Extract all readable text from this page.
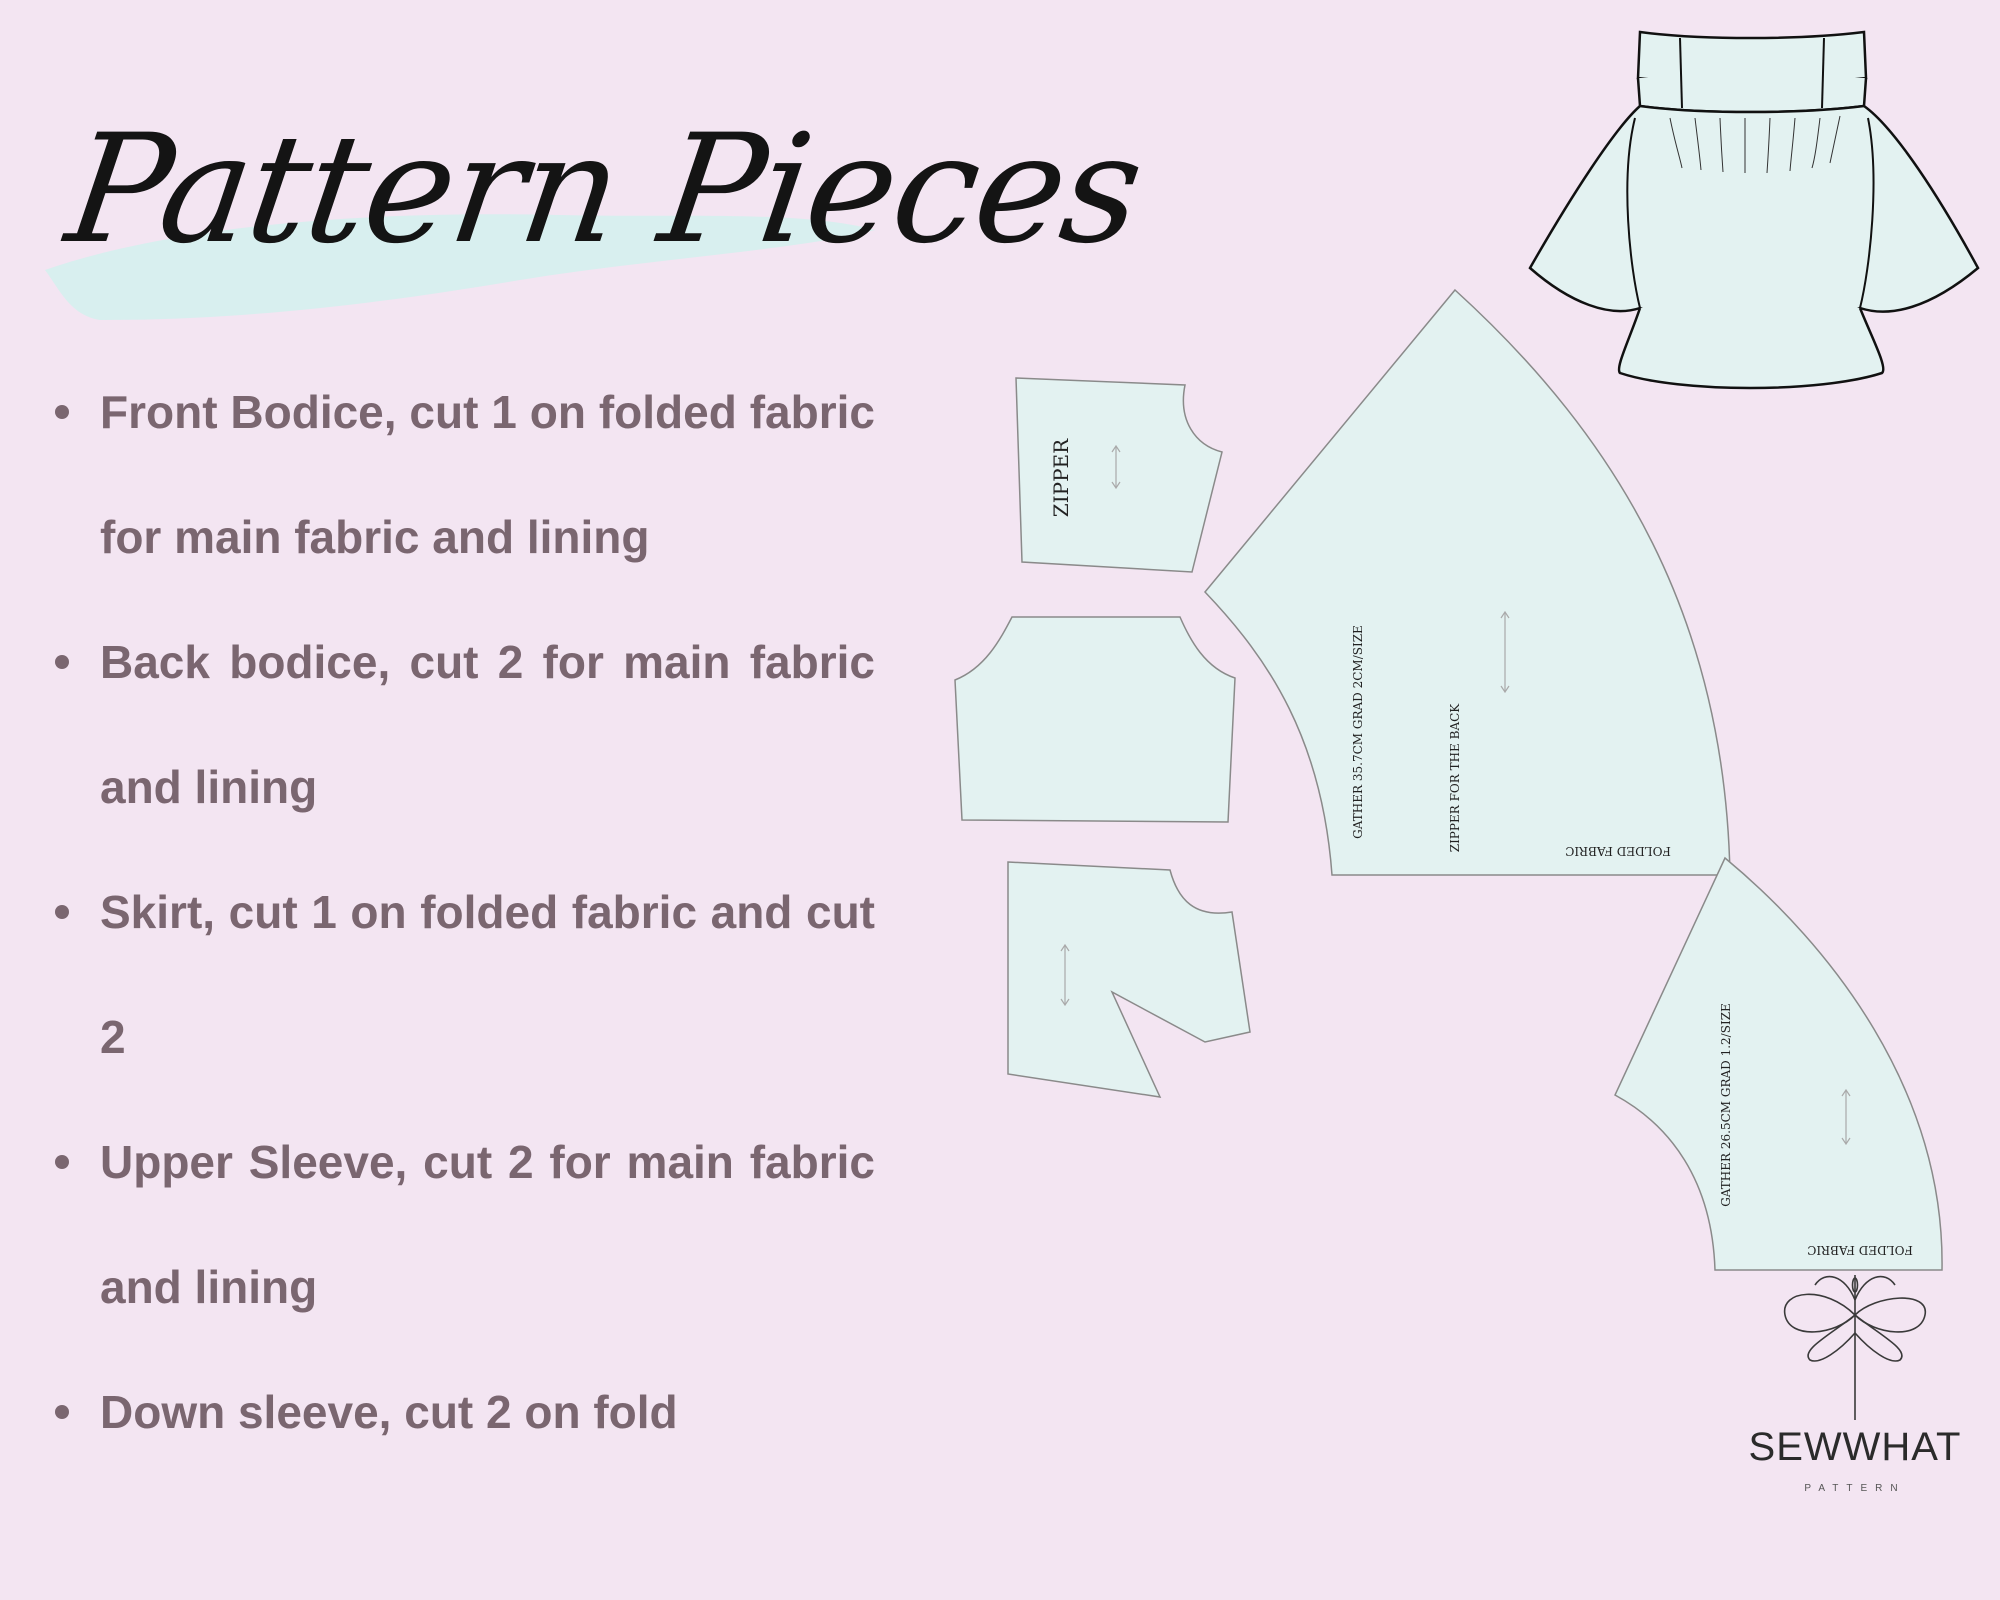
Pattern Pieces
Front Bodice, cut 1 on folded fabric for main fabric and lining
Back bodice, cut 2 for main fabric and lining
Skirt, cut 1 on folded fabric and cut 2
Upper Sleeve, cut 2 for main fabric and lining
Down sleeve, cut 2 on fold
ZIPPER
GATHER 35.7CM GRAD 2CM/SIZE	ZIPPER FOR THE BACK	FOLDED FABRIC
GATHER 26.5CM GRAD 1.2/SIZE
FOLDED FABRIC
SEWWHAT
PATTERN
